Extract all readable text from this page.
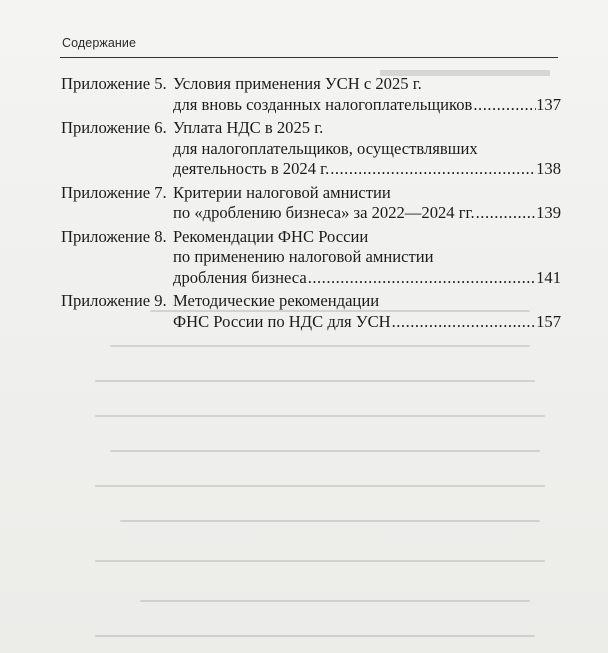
Содержание
Приложение 5. Условия применения УСН с 2025 г.
для вновь созданных налогоплательщиков .....	137
Приложение 6. Уплата НДС в 2025 г.
для налогоплательщиков, осуществлявших
деятельность в 2024 г. .....	138
Приложение 7. Критерии налоговой амнистии
по «дроблению бизнеса» за 2022—2024 гг. .....	139
Приложение 8. Рекомендации ФНС России
по применению налоговой амнистии
дробления бизнеса .....	141
Приложение 9. Методические рекомендации
ФНС России по НДС для УСН .....	157
